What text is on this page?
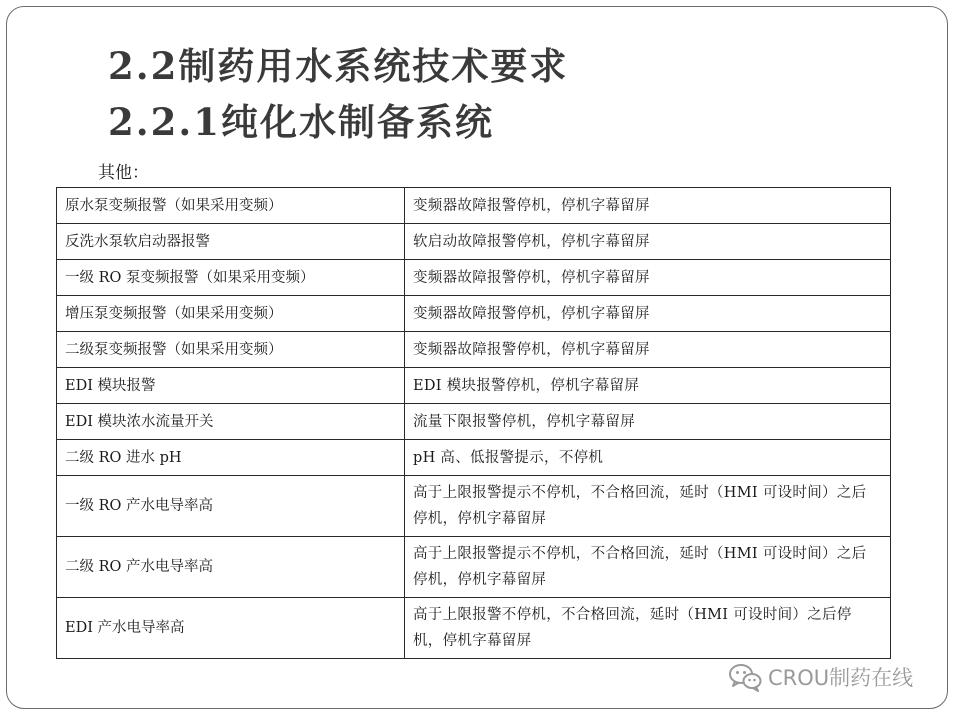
2.2制药用水系统技术要求
2.2.1纯化水制备系统
其他：
原水泵变频报警（如果采用变频）	变频器故障报警停机，停机字幕留屏
反洗水泵软启动器报警	软启动故障报警停机，停机字幕留屏
一级 RO 泵变频报警（如果采用变频）	变频器故障报警停机，停机字幕留屏
增压泵变频报警（如果采用变频）	变频器故障报警停机，停机字幕留屏
二级泵变频报警（如果采用变频）	变频器故障报警停机，停机字幕留屏
EDI 模块报警	EDI 模块报警停机，停机字幕留屏
EDI 模块浓水流量开关	流量下限报警停机，停机字幕留屏
二级 RO 进水 pH	pH 高、低报警提示，不停机
一级 RO 产水电导率高	高于上限报警提示不停机，不合格回流，延时（HMI 可设时间）之后停机，停机字幕留屏
二级 RO 产水电导率高	高于上限报警提示不停机，不合格回流，延时（HMI 可设时间）之后停机，停机字幕留屏
EDI 产水电导率高	高于上限报警不停机，不合格回流，延时（HMI 可设时间）之后停机，停机字幕留屏
CROU制药在线
